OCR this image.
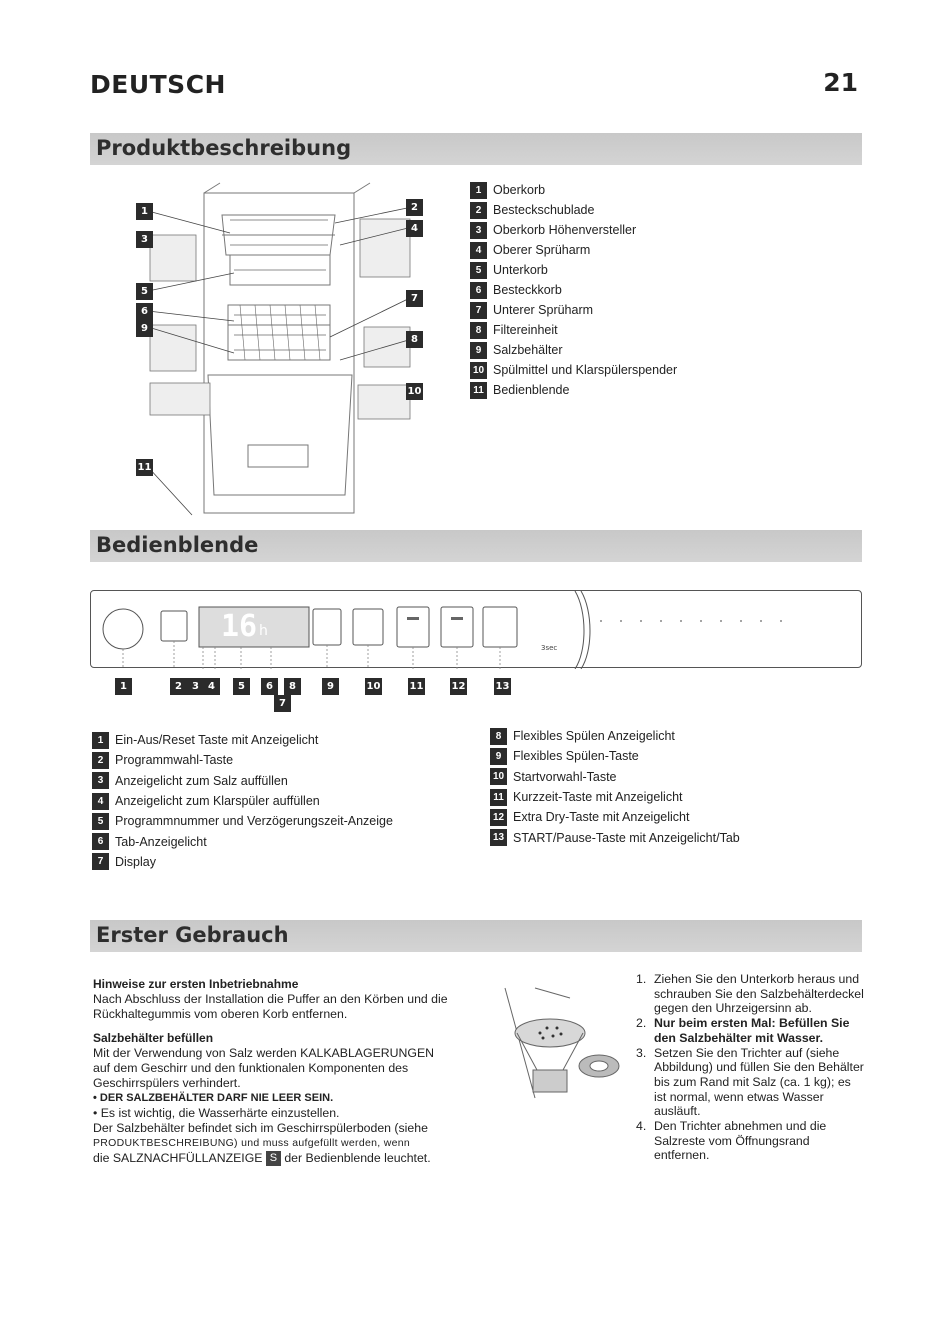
DEUTSCH	21
Produktbeschreibung
1
3
5
6
9
11
2
4
7
8
10
1 Oberkorb
2 Besteckschublade
3 Oberkorb Höhenversteller
4 Oberer Sprüharm
5 Unterkorb
6 Besteckkorb
7 Unterer Sprüharm
8 Filtereinheit
9 Salzbehälter
10 Spülmittel und Klarspülerspender
11 Bedienblende
Bedienblende
16 h
3sec
1	2	3 4	5	6	8	9	10	11	12	13
7
1 Ein-Aus/Reset Taste mit Anzeigelicht
2 Programmwahl-Taste
3 Anzeigelicht zum Salz auffüllen
4 Anzeigelicht zum Klarspüler auffüllen
5 Programmnummer und Verzögerungszeit-Anzeige
6 Tab-Anzeigelicht
7 Display
8 Flexibles Spülen Anzeigelicht
9 Flexibles Spülen-Taste
10 Startvorwahl-Taste
11 Kurzzeit-Taste mit Anzeigelicht
12 Extra Dry-Taste mit Anzeigelicht
13 START/Pause-Taste mit Anzeigelicht/Tab
Erster Gebrauch
Hinweise zur ersten Inbetriebnahme

Nach Abschluss der Installation die Puffer an den Körben und die Rückhaltegummis vom oberen Korb entfernen.

Salzbehälter befüllen

Mit der Verwendung von Salz werden KALKABLAGERUNGEN auf dem Geschirr und den funktionalen Komponenten des Geschirrspülers verhindert.

• DER SALZBEHÄLTER DARF NIE LEER SEIN.

• Es ist wichtig, die Wasserhärte einzustellen.

Der Salzbehälter befindet sich im Geschirrspülerboden (siehe

PRODUKTBESCHREIBUNG) und muss aufgefüllt werden, wenn

die SALZNACHFÜLLANZEIGE S der Bedienblende leuchtet.

1. Ziehen Sie den Unterkorb heraus und schrauben Sie den Salzbehälterdeckel gegen den Uhrzeigersinn ab.
2. Nur beim ersten Mal: Befüllen Sie den Salzbehälter mit Wasser.
3. Setzen Sie den Trichter auf (siehe Abbildung) und füllen Sie den Behälter bis zum Rand mit Salz (ca. 1 kg); es ist normal, wenn etwas Wasser ausläuft.
4. Den Trichter abnehmen und die Salzreste vom Öffnungsrand entfernen.
